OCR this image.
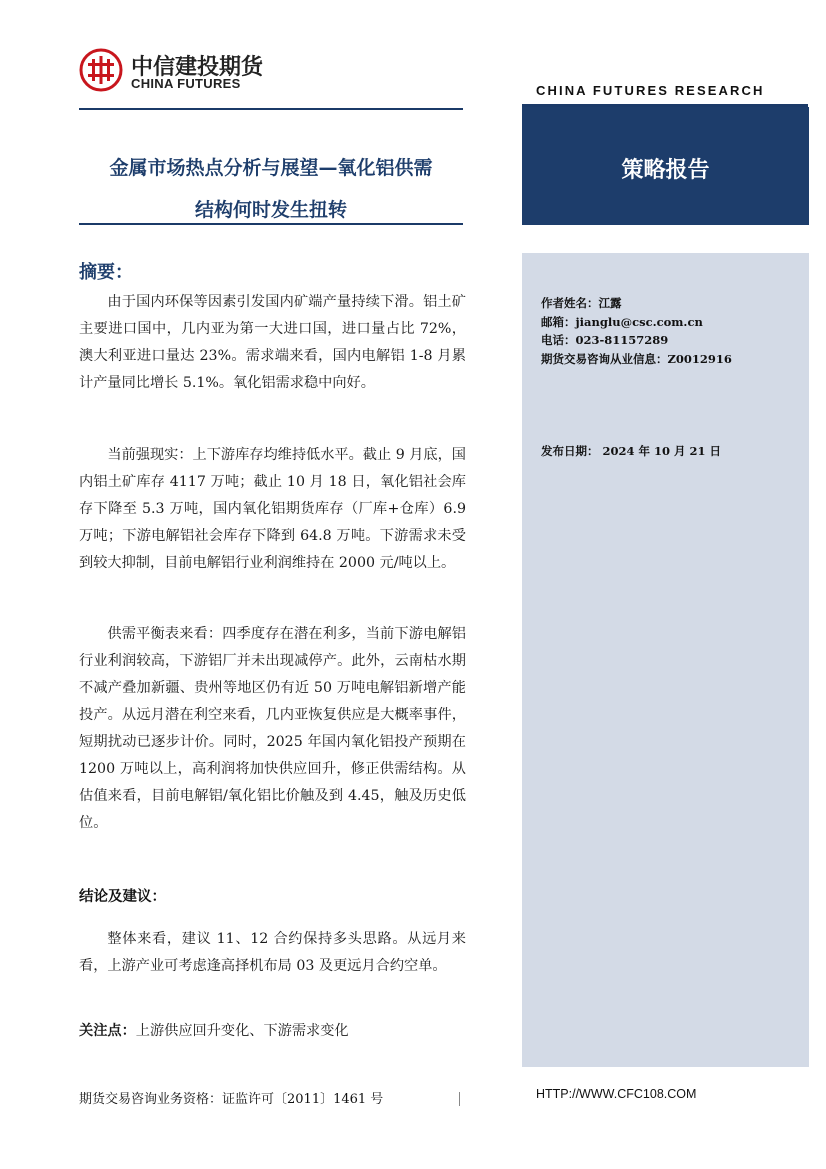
中信建投期货
CHINA FUTURES	CHINA FUTURES RESEARCH
策略报告
金属市场热点分析与展望—氧化铝供需
结构何时发生扭转
作者姓名：江露
邮箱：jianglu@csc.com.cn
电话：023-81157289
期货交易咨询从业信息：Z0012916
发布日期： 2024 年 10 月 21 日
摘要：

由于国内环保等因素引发国内矿端产量持续下滑。铝土矿主要进口国中，几内亚为第一大进口国，进口量占比 72%，澳大利亚进口量达 23%。需求端来看，国内电解铝 1-8 月累计产量同比增长 5.1%。氧化铝需求稳中向好。

当前强现实：上下游库存均维持低水平。截止 9 月底，国内铝土矿库存 4117 万吨；截止 10 月 18 日，氧化铝社会库存下降至 5.3 万吨，国内氧化铝期货库存（厂库+仓库）6.9 万吨；下游电解铝社会库存下降到 64.8 万吨。下游需求未受到较大抑制，目前电解铝行业利润维持在 2000 元/吨以上。

供需平衡表来看：四季度存在潜在利多，当前下游电解铝行业利润较高，下游铝厂并未出现减停产。此外，云南枯水期不减产叠加新疆、贵州等地区仍有近 50 万吨电解铝新增产能投产。从远月潜在利空来看，几内亚恢复供应是大概率事件，短期扰动已逐步计价。同时，2025 年国内氧化铝投产预期在 1200 万吨以上，高利润将加快供应回升，修正供需结构。从估值来看，目前电解铝/氧化铝比价触及到 4.45，触及历史低位。

结论及建议：

整体来看，建议 11、12 合约保持多头思路。从远月来看，上游产业可考虑逢高择机布局 03 及更远月合约空单。

关注点：上游供应回升变化、下游需求变化
期货交易咨询业务资格：证监许可〔2011〕1461 号	HTTP://WWW.CFC108.COM
